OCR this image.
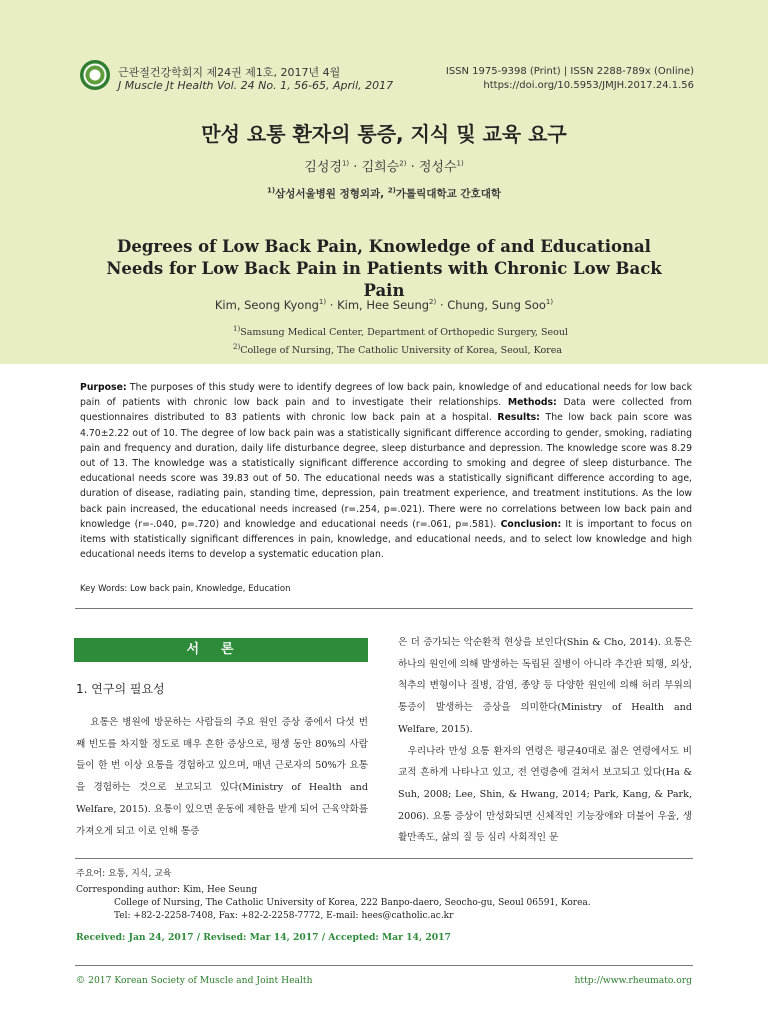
근관절건강학회지 제24권 제1호, 2017년 4월
J Muscle Jt Health Vol. 24 No. 1, 56-65, April, 2017
ISSN 1975-9398 (Print) | ISSN 2288-789x (Online)
https://doi.org/10.5953/JMJH.2017.24.1.56
만성 요통 환자의 통증, 지식 및 교육 요구
김성경$^{1)}$ · 김희승$^{2)}$ · 정성수$^{1)}$
$^{1)}$삼성서울병원 정형외과, $^{2)}$가톨릭대학교 간호대학
Degrees of Low Back Pain, Knowledge of and Educational Needs for Low Back Pain in Patients with Chronic Low Back Pain
Kim, Seong Kyong$^{1)}$ · Kim, Hee Seung$^{2)}$ · Chung, Sung Soo$^{1)}$
$^{1)}$Samsung Medical Center, Department of Orthopedic Surgery, Seoul
$^{2)}$College of Nursing, The Catholic University of Korea, Seoul, Korea
Purpose: The purposes of this study were to identify degrees of low back pain, knowledge of and educational needs for low back pain of patients with chronic low back pain and to investigate their relationships. Methods: Data were collected from questionnaires distributed to 83 patients with chronic low back pain at a hospital. Results: The low back pain score was 4.70±2.22 out of 10. The degree of low back pain was a statistically significant difference according to gender, smoking, radiating pain and frequency and duration, daily life disturbance degree, sleep disturbance and depression. The knowledge score was 8.29 out of 13. The knowledge was a statistically significant difference according to smoking and degree of sleep disturbance. The educational needs score was 39.83 out of 50. The educational needs was a statistically significant difference according to age, duration of disease, radiating pain, standing time, depression, pain treatment experience, and treatment institutions. As the low back pain increased, the educational needs increased (r=.254, p=.021). There were no correlations between low back pain and knowledge (r=-.040, p=.720) and knowledge and educational needs (r=.061, p=.581). Conclusion: It is important to focus on items with statistically significant differences in pain, knowledge, and educational needs, and to select low knowledge and high educational needs items to develop a systematic education plan.
Key Words: Low back pain, Knowledge, Education
서론
1. 연구의 필요성

요통은 병원에 방문하는 사람들의 주요 원인 증상 중에서 다섯 번째 빈도를 차지할 정도로 매우 흔한 증상으로, 평생 동안 80%의 사람들이 한 번 이상 요통을 경험하고 있으며, 매년 근로자의 50%가 요통을 경험하는 것으로 보고되고 있다(Ministry of Health and Welfare, 2015). 요통이 있으면 운동에 제한을 받게 되어 근육약화를 가져오게 되고 이로 인해 통증

은 더 증가되는 악순환적 현상을 보인다(Shin & Cho, 2014). 요통은 하나의 원인에 의해 발생하는 독립된 질병이 아니라 추간판 퇴행, 외상, 척추의 변형이나 질병, 감염, 종양 등 다양한 원인에 의해 허리 부위의 통증이 발생하는 증상을 의미한다(Ministry of Health and Welfare, 2015).

우리나라 만성 요통 환자의 연령은 평균40대로 젊은 연령에서도 비교적 흔하게 나타나고 있고, 전 연령층에 걸쳐서 보고되고 있다(Ha & Suh, 2008; Lee, Shin, & Hwang, 2014; Park, Kang, & Park, 2006). 요통 증상이 만성화되면 신체적인 기능장애와 더불어 우울, 생활만족도, 삶의 질 등 심리 사회적인 문

주요어: 요통, 지식, 교육
Corresponding author: Kim, Hee Seung
College of Nursing, The Catholic University of Korea, 222 Banpo-daero, Seocho-gu, Seoul 06591, Korea.
Tel: +82-2-2258-7408, Fax: +82-2-2258-7772, E-mail: hees@catholic.ac.kr
Received: Jan 24, 2017 / Revised: Mar 14, 2017 / Accepted: Mar 14, 2017
© 2017 Korean Society of Muscle and Joint Health	http://www.rheumato.org
